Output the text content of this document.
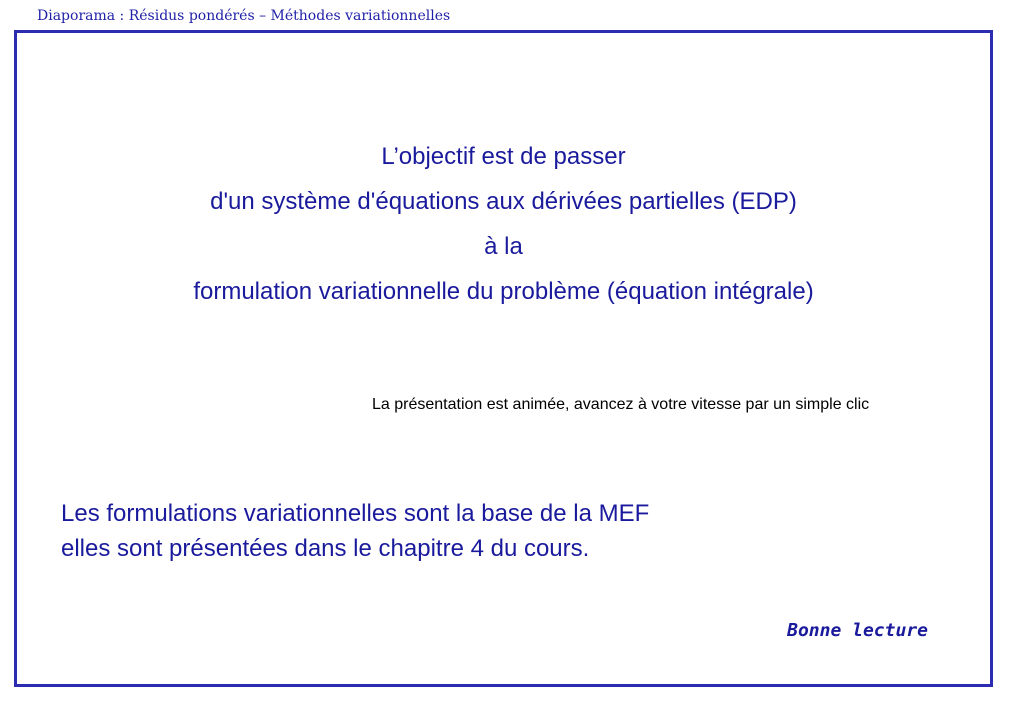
Diaporama : Résidus pondérés – Méthodes variationnelles
L’objectif est de passer
d'un système d'équations aux dérivées partielles (EDP)
à la
formulation variationnelle du problème (équation intégrale)
La présentation est animée, avancez à votre vitesse par un simple clic
Les formulations variationnelles sont la base de la MEF
elles sont présentées dans le chapitre 4 du cours.
Bonne lecture
